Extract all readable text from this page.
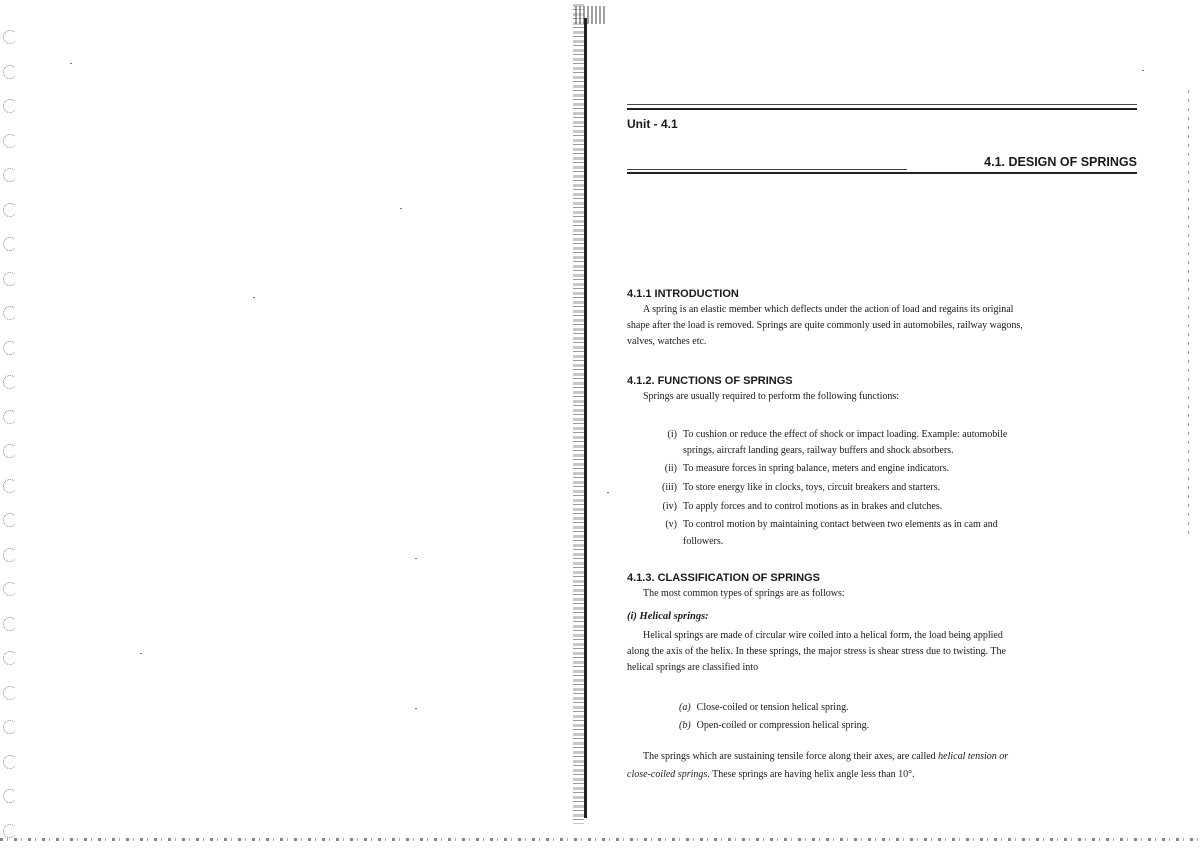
Unit - 4.1
4.1. DESIGN OF SPRINGS
4.1.1 INTRODUCTION
A spring is an elastic member which deflects under the action of load and regains its original
shape after the load is removed. Springs are quite commonly used in automobiles, railway wagons,
valves, watches etc.
4.1.2. FUNCTIONS OF SPRINGS
Springs are usually required to perform the following functions:
(i) To cushion or reduce the effect of shock or impact loading. Example: automobile
springs, aircraft landing gears, railway buffers and shock absorbers.
(ii) To measure forces in spring balance, meters and engine indicators.
(iii) To store energy like in clocks, toys, circuit breakers and starters.
(iv) To apply forces and to control motions as in brakes and clutches.
(v) To control motion by maintaining contact between two elements as in cam and
followers.
4.1.3. CLASSIFICATION OF SPRINGS
The most common types of springs are as follows:
(i) Helical springs:
Helical springs are made of circular wire coiled into a helical form, the load being applied
along the axis of the helix. In these springs, the major stress is shear stress due to twisting. The
helical springs are classified into
(a) Close-coiled or tension helical spring.
(b) Open-coiled or compression helical spring.
The springs which are sustaining tensile force along their axes, are called helical tension or
close-coiled springs. These springs are having helix angle less than 10°.
